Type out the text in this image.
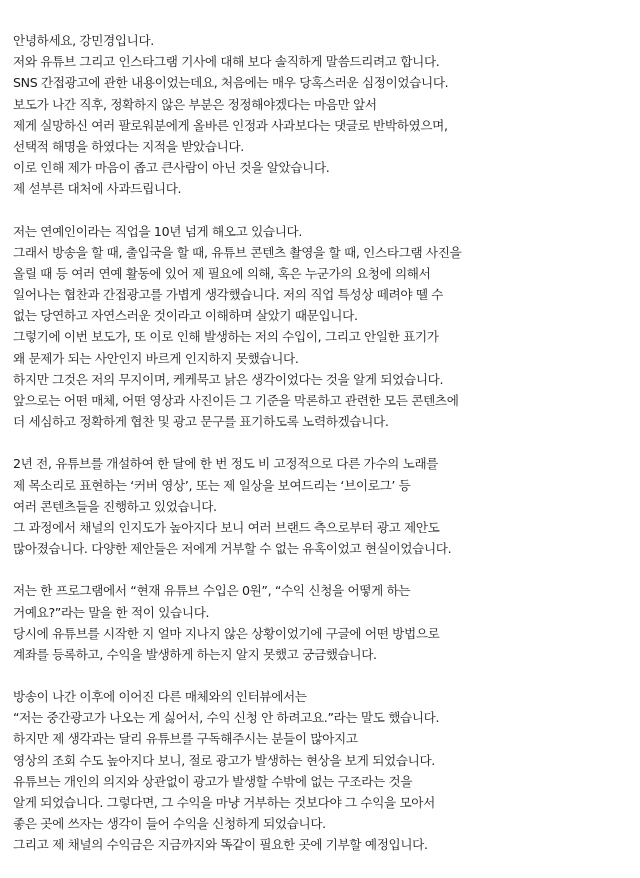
안녕하세요, 강민경입니다.
저와 유튜브 그리고 인스타그램 기사에 대해 보다 솔직하게 말씀드리려고 합니다.
SNS 간접광고에 관한 내용이었는데요, 처음에는 매우 당혹스러운 심정이었습니다.
보도가 나간 직후, 정확하지 않은 부분은 정정해야겠다는 마음만 앞서
제게 실망하신 여러 팔로워분에게 올바른 인정과 사과보다는 댓글로 반박하였으며,
선택적 해명을 하였다는 지적을 받았습니다.
이로 인해 제가 마음이 좁고 큰사람이 아닌 것을 알았습니다.
제 섣부른 대처에 사과드립니다.
저는 연예인이라는 직업을 10년 넘게 해오고 있습니다.
그래서 방송을 할 때, 출입국을 할 때, 유튜브 콘텐츠 촬영을 할 때, 인스타그램 사진을
올릴 때 등 여러 연예 활동에 있어 제 필요에 의해, 혹은 누군가의 요청에 의해서
일어나는 협찬과 간접광고를 가볍게 생각했습니다. 저의 직업 특성상 떼려야 뗄 수
없는 당연하고 자연스러운 것이라고 이해하며 살았기 때문입니다.
그렇기에 이번 보도가, 또 이로 인해 발생하는 저의 수입이, 그리고 안일한 표기가
왜 문제가 되는 사안인지 바르게 인지하지 못했습니다.
하지만 그것은 저의 무지이며, 케케묵고 낡은 생각이었다는 것을 알게 되었습니다.
앞으로는 어떤 매체, 어떤 영상과 사진이든 그 기준을 막론하고 관련한 모든 콘텐츠에
더 세심하고 정확하게 협찬 및 광고 문구를 표기하도록 노력하겠습니다.
2년 전, 유튜브를 개설하여 한 달에 한 번 정도 비 고정적으로 다른 가수의 노래를
제 목소리로 표현하는 ‘커버 영상’, 또는 제 일상을 보여드리는 ‘브이로그’ 등
여러 콘텐츠들을 진행하고 있었습니다.
그 과정에서 채널의 인지도가 높아지다 보니 여러 브랜드 측으로부터 광고 제안도
많아졌습니다. 다양한 제안들은 저에게 거부할 수 없는 유혹이었고 현실이었습니다.
저는 한 프로그램에서 “현재 유튜브 수입은 0원”, “수익 신청을 어떻게 하는
거예요?”라는 말을 한 적이 있습니다.
당시에 유튜브를 시작한 지 얼마 지나지 않은 상황이었기에 구글에 어떤 방법으로
계좌를 등록하고, 수익을 발생하게 하는지 알지 못했고 궁금했습니다.
방송이 나간 이후에 이어진 다른 매체와의 인터뷰에서는
“저는 중간광고가 나오는 게 싫어서, 수익 신청 안 하려고요.”라는 말도 했습니다.
하지만 제 생각과는 달리 유튜브를 구독해주시는 분들이 많아지고
영상의 조회 수도 높아지다 보니, 절로 광고가 발생하는 현상을 보게 되었습니다.
유튜브는 개인의 의지와 상관없이 광고가 발생할 수밖에 없는 구조라는 것을
알게 되었습니다. 그렇다면, 그 수익을 마냥 거부하는 것보다야 그 수익을 모아서
좋은 곳에 쓰자는 생각이 들어 수익을 신청하게 되었습니다.
그리고 제 채널의 수익금은 지금까지와 똑같이 필요한 곳에 기부할 예정입니다.
